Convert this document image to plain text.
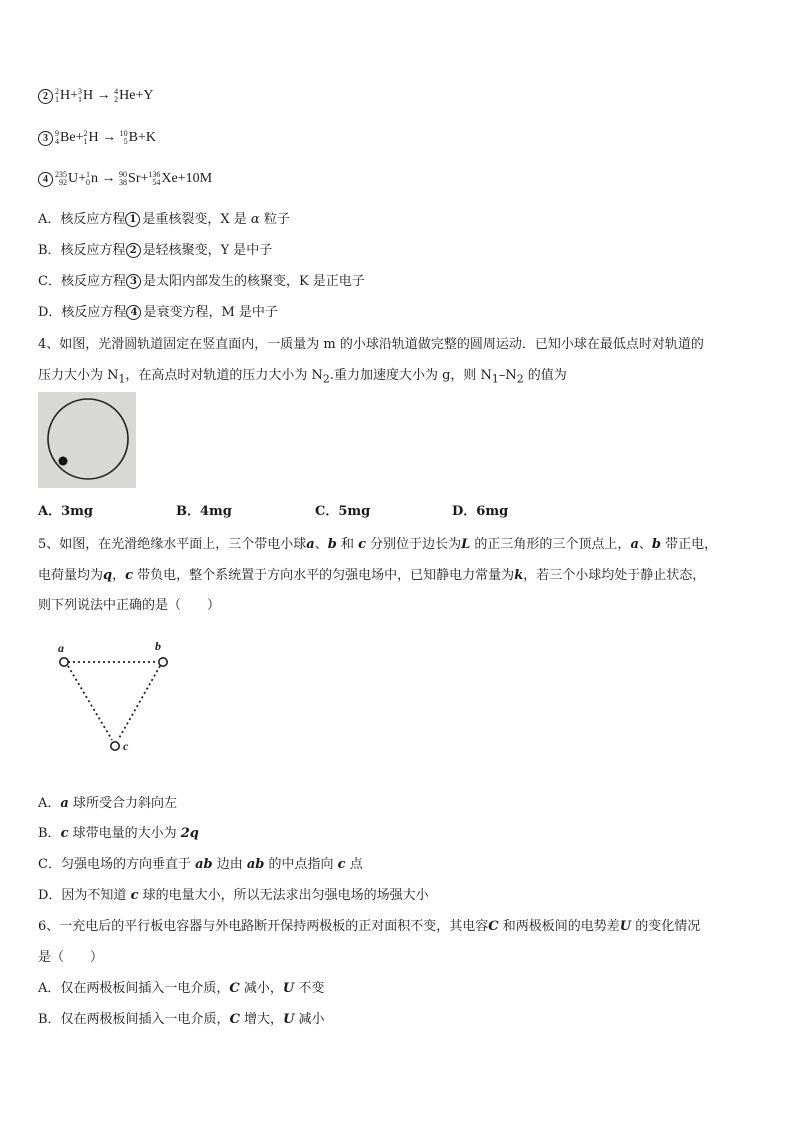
2 2
1 H + 3
1 H → 4
2 He +Y
3 9
4 Be + 2
1 H → 10
5 B +K
4 235
92 U + 1
0 n → 90
38 Sr + 136
54 Xe +10M
A．核反应方程 1 是重核裂变，X 是 α 粒子
B．核反应方程 2 是轻核聚变，Y 是中子
C．核反应方程 3 是太阳内部发生的核聚变，K 是正电子
D．核反应方程 4 是衰变方程，M 是中子
4、如图，光滑圆轨道固定在竖直面内，一质量为 m 的小球沿轨道做完整的圆周运动．已知小球在最低点时对轨道的
压力大小为 $N_1$，在高点时对轨道的压力大小为 $N_2$.重力加速度大小为 g，则 $N_1-N_2$ 的值为
A．3mg	B．4mg	C．5mg	D．6mg
5、如图，在光滑绝缘水平面上，三个带电小球a、b 和 c 分别位于边长为L 的正三角形的三个顶点上，a、b 带正电，
电荷量均为q，c 带负电，整个系统置于方向水平的匀强电场中，已知静电力常量为k，若三个小球均处于静止状态，
则下列说法中正确的是（　　）
a	b
c
A．a 球所受合力斜向左
B．c 球带电量的大小为 2q
C．匀强电场的方向垂直于 ab 边由 ab 的中点指向 c 点
D．因为不知道 c 球的电量大小，所以无法求出匀强电场的场强大小
6、一充电后的平行板电容器与外电路断开保持两极板的正对面积不变，其电容C 和两极板间的电势差U 的变化情况
是（　　）
A．仅在两极板间插入一电介质，C 减小，U 不变
B．仅在两极板间插入一电介质，C 增大，U 减小
